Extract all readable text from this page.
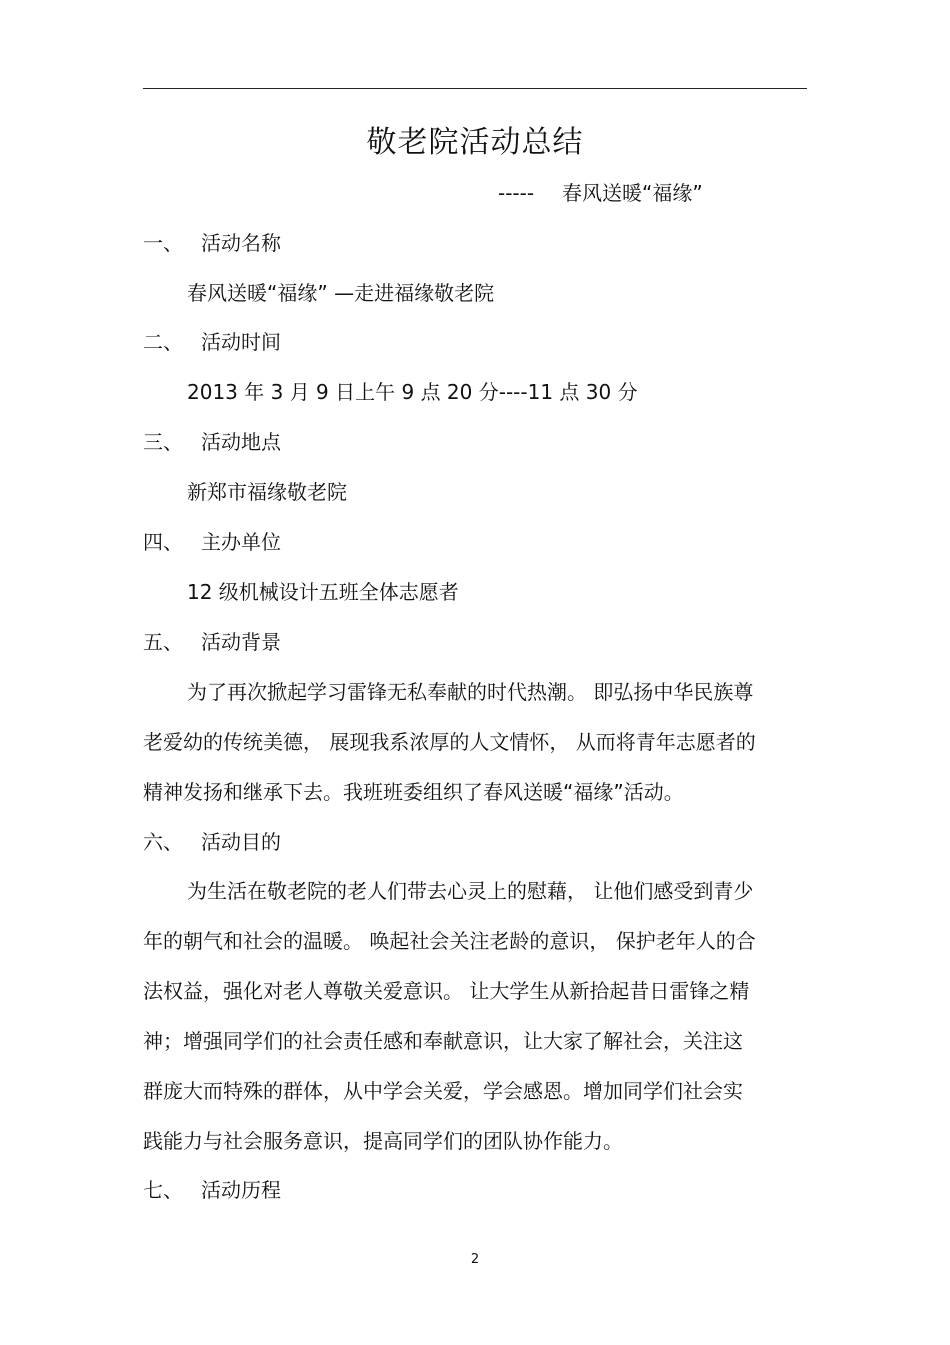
敬老院活动总结
----- 春风送暖“福缘”
一、 活动名称
春风送暖“福缘” —走进福缘敬老院
二、 活动时间
2013 年 3 月 9 日上午 9 点 20 分----11 点 30 分
三、 活动地点
新郑市福缘敬老院
四、 主办单位
12 级机械设计五班全体志愿者
五、 活动背景
为了再次掀起学习雷锋无私奉献的时代热潮。 即弘扬中华民族尊
老爱幼的传统美德， 展现我系浓厚的人文情怀， 从而将青年志愿者的
精神发扬和继承下去。我班班委组织了春风送暖“福缘”活动。
六、 活动目的
为生活在敬老院的老人们带去心灵上的慰藉， 让他们感受到青少
年的朝气和社会的温暖。 唤起社会关注老龄的意识， 保护老年人的合
法权益，强化对老人尊敬关爱意识。 让大学生从新拾起昔日雷锋之精
神；增强同学们的社会责任感和奉献意识，让大家了解社会，关注这
群庞大而特殊的群体，从中学会关爱，学会感恩。增加同学们社会实
践能力与社会服务意识，提高同学们的团队协作能力。
七、 活动历程
2
